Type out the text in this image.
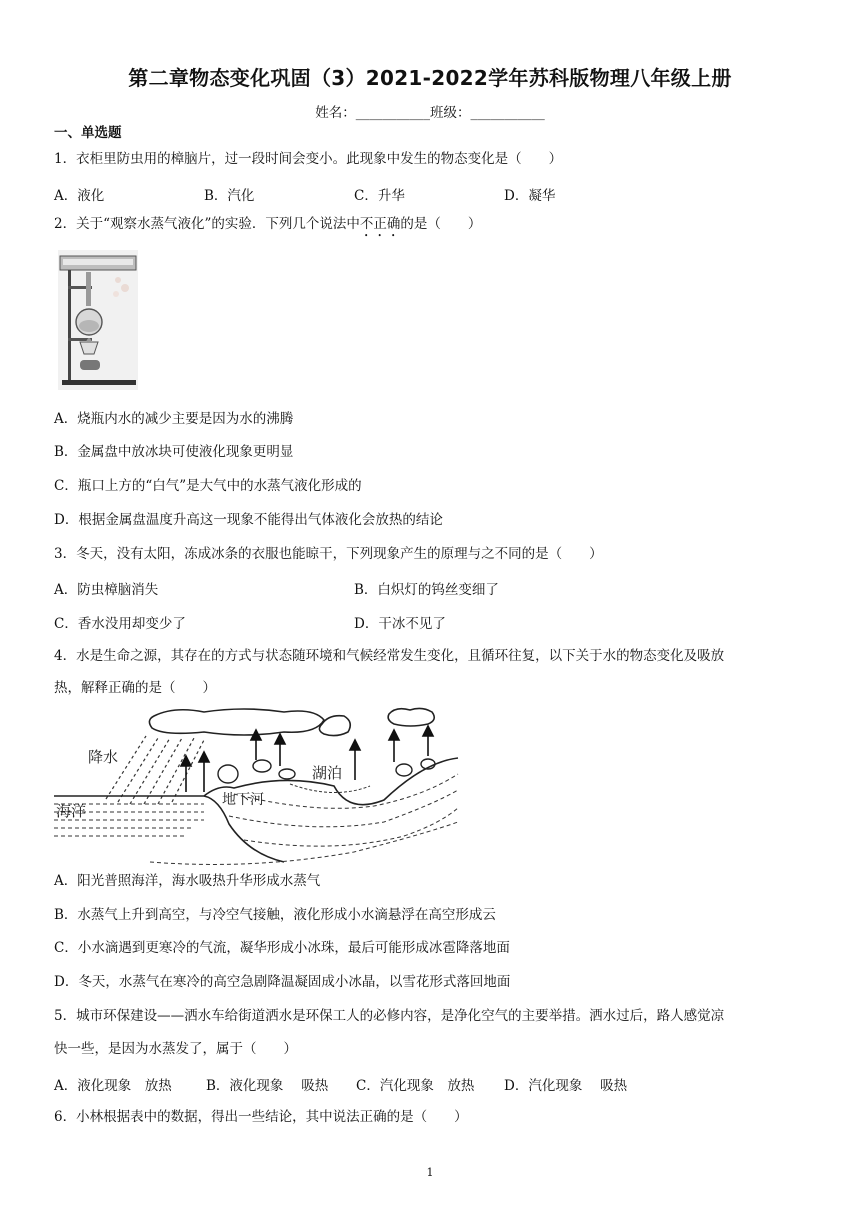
第二章物态变化巩固（3）2021-2022学年苏科版物理八年级上册
姓名：___________班级：___________
一、单选题
1．衣柜里防虫用的樟脑片，过一段时间会变小。此现象中发生的物态变化是（　　）
A．液化	B．汽化	C．升华	D．凝华
2．关于“观察水蒸气液化”的实验．下列几个说法中不正确的是（　　）
A．烧瓶内水的减少主要是因为水的沸腾
B．金属盘中放冰块可使液化现象更明显
C．瓶口上方的“白气”是大气中的水蒸气液化形成的
D．根据金属盘温度升高这一现象不能得出气体液化会放热的结论
3．冬天，没有太阳，冻成冰条的衣服也能晾干，下列现象产生的原理与之不同的是（　　）
A．防虫樟脑消失	B．白炽灯的钨丝变细了
C．香水没用却变少了	D．干冰不见了
4．水是生命之源，其存在的方式与状态随环境和气候经常发生变化，且循环往复，以下关于水的物态变化及吸放
热，解释正确的是（　　）
降水
海洋
地下河
湖泊
A．阳光普照海洋，海水吸热升华形成水蒸气
B．水蒸气上升到高空，与冷空气接触，液化形成小水滴悬浮在高空形成云
C．小水滴遇到更寒冷的气流，凝华形成小冰珠，最后可能形成冰雹降落地面
D．冬天，水蒸气在寒冷的高空急剧降温凝固成小冰晶，以雪花形式落回地面
5．城市环保建设——洒水车给街道洒水是环保工人的必修内容，是净化空气的主要举措。洒水过后，路人感觉凉
快一些，是因为水蒸发了，属于（　　）
A．液化现象　放热	B．液化现象　 吸热 C．汽化现象　放热 D．汽化现象　 吸热
6．小林根据表中的数据，得出一些结论，其中说法正确的是（　　）
1
